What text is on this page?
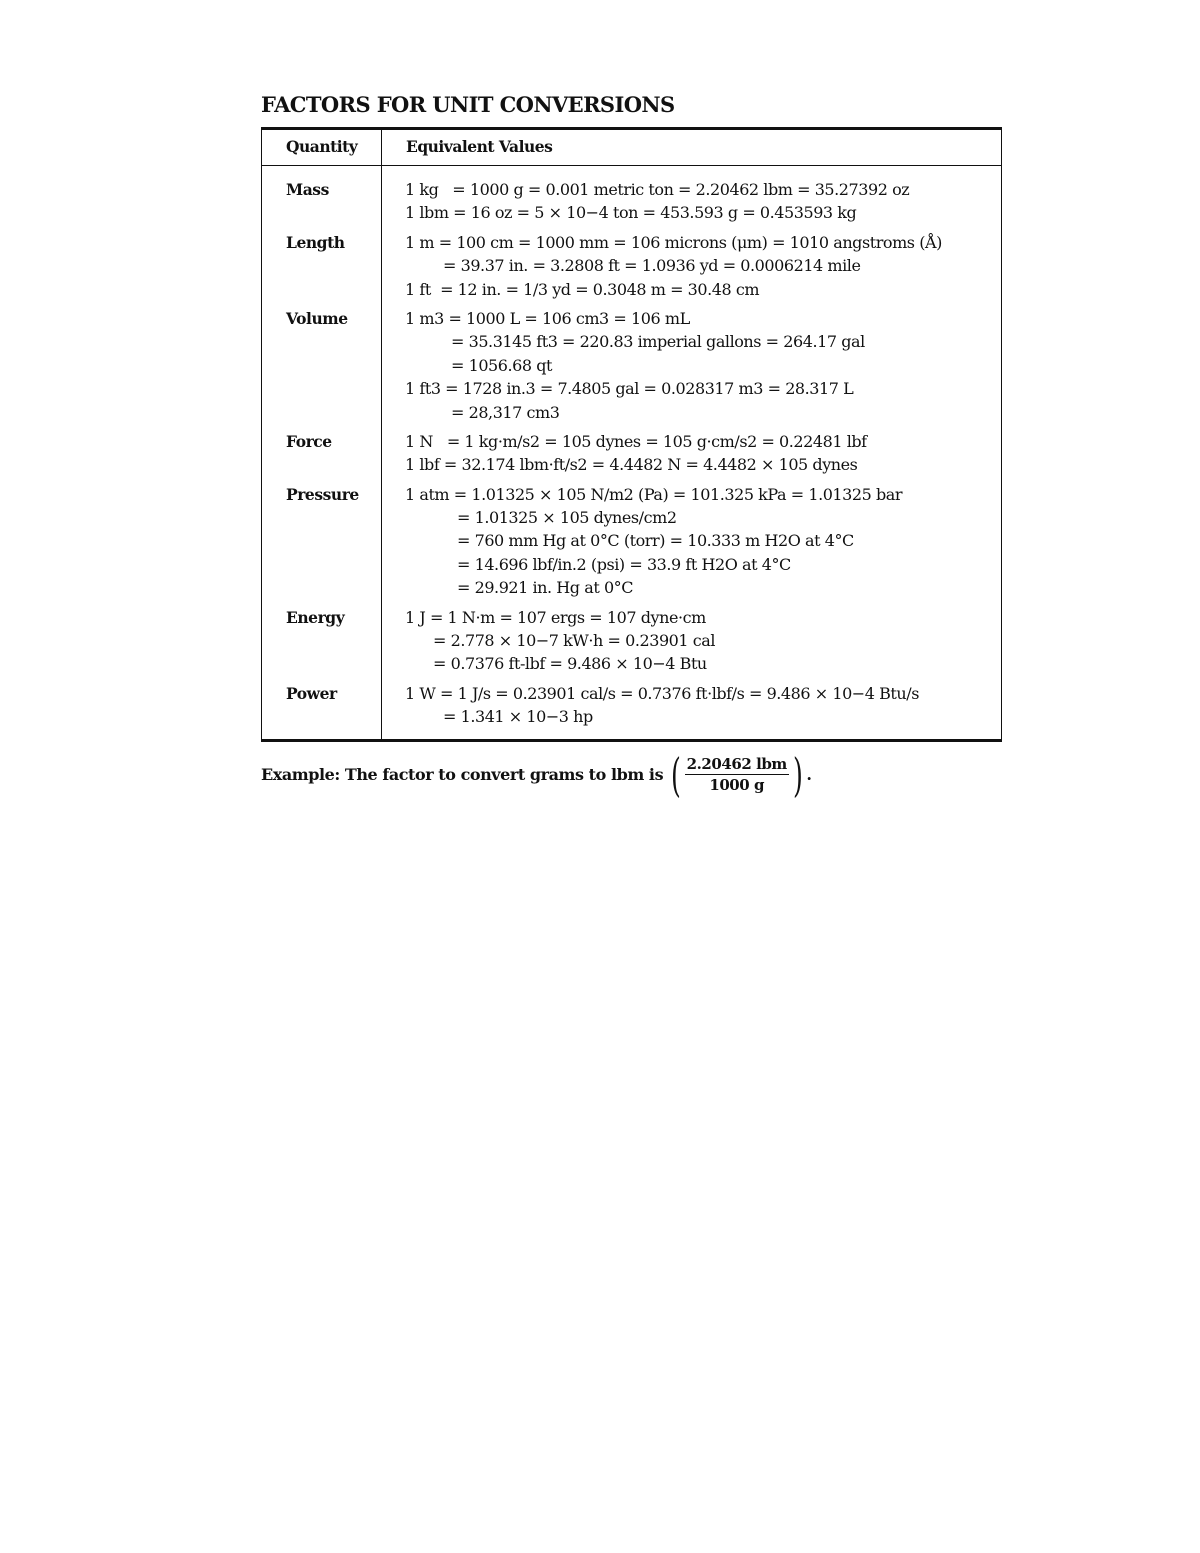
FACTORS FOR UNIT CONVERSIONS
Quantity	Equivalent Values
Mass	1 kg   = 1000 g = 0.001 metric ton = 2.20462 lbm = 35.27392 oz
1 lbm = 16 oz = 5 × 10−4 ton = 453.593 g = 0.453593 kg

Length	1 m = 100 cm = 1000 mm = 106 microns (μm) = 1010 angstroms (Å)
= 39.37 in. = 3.2808 ft = 1.0936 yd = 0.0006214 mile
1 ft  = 12 in. = 1/3 yd = 0.3048 m = 30.48 cm

Volume	1 m3 = 1000 L = 106 cm3 = 106 mL
= 35.3145 ft3 = 220.83 imperial gallons = 264.17 gal
= 1056.68 qt
1 ft3 = 1728 in.3 = 7.4805 gal = 0.028317 m3 = 28.317 L
= 28,317 cm3

Force	1 N   = 1 kg·m/s2 = 105 dynes = 105 g·cm/s2 = 0.22481 lbf
1 lbf = 32.174 lbm·ft/s2 = 4.4482 N = 4.4482 × 105 dynes

Pressure	1 atm = 1.01325 × 105 N/m2 (Pa) = 101.325 kPa = 1.01325 bar
= 1.01325 × 105 dynes/cm2
= 760 mm Hg at 0°C (torr) = 10.333 m H2O at 4°C
= 14.696 lbf/in.2 (psi) = 33.9 ft H2O at 4°C
= 29.921 in. Hg at 0°C

Energy	1 J = 1 N·m = 107 ergs = 107 dyne·cm
= 2.778 × 10−7 kW·h = 0.23901 cal
= 0.7376 ft-lbf = 9.486 × 10−4 Btu

Power	1 W = 1 J/s = 0.23901 cal/s = 0.7376 ft·lbf/s = 9.486 × 10−4 Btu/s
= 1.341 × 10−3 hp
Example: The factor to convert grams to lbm is ( $\frac{\text{2.20462 lbm}}{1000 g}$ ) .
